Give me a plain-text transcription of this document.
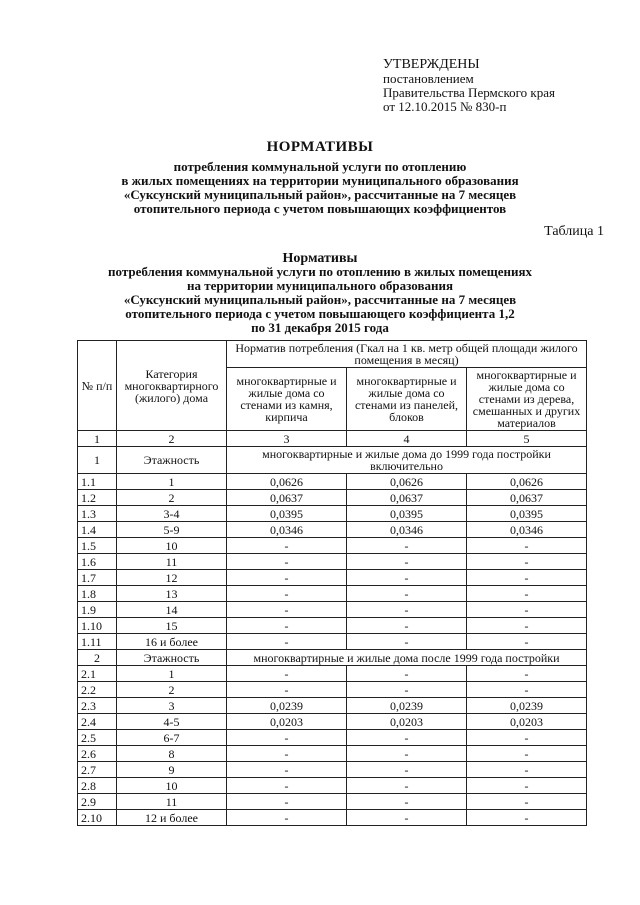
УТВЕРЖДЕНЫ
постановлением
Правительства Пермского края
от 12.10.2015 № 830-п
НОРМАТИВЫ
потребления коммунальной услуги по отоплению
в жилых помещениях на территории муниципального образования
«Суксунский муниципальный район», рассчитанные на 7 месяцев
отопительного периода с учетом повышающих коэффициентов
Таблица 1
Нормативы
потребления коммунальной услуги по отоплению в жилых помещениях
на территории муниципального образования
«Суксунский муниципальный район», рассчитанные на 7 месяцев
отопительного периода с учетом повышающего коэффициента 1,2
по 31 декабря 2015 года
№ п/п	Категория многоквартирного (жилого) дома	Норматив потребления (Гкал на 1 кв. метр общей площади жилого помещения в месяц)		
		многоквартирные и жилые дома со стенами из камня, кирпича	многоквартирные и жилые дома со стенами из панелей, блоков	многоквартирные и жилые дома со стенами из дерева, смешанных и других материалов
1	2	3	4	5
1	Этажность	многоквартирные и жилые дома до 1999 года постройки включительно		
1.1	1	0,0626	0,0626	0,0626
1.2	2	0,0637	0,0637	0,0637
1.3	3-4	0,0395	0,0395	0,0395
1.4	5-9	0,0346	0,0346	0,0346
1.5	10	-	-	-
1.6	11	-	-	-
1.7	12	-	-	-
1.8	13	-	-	-
1.9	14	-	-	-
1.10	15	-	-	-
1.11	16 и более	-	-	-
2	Этажность	многоквартирные и жилые дома после 1999 года постройки		
2.1	1	-	-	-
2.2	2	-	-	-
2.3	3	0,0239	0,0239	0,0239
2.4	4-5	0,0203	0,0203	0,0203
2.5	6-7	-	-	-
2.6	8	-	-	-
2.7	9	-	-	-
2.8	10	-	-	-
2.9	11	-	-	-
2.10	12 и более	-	-	-
